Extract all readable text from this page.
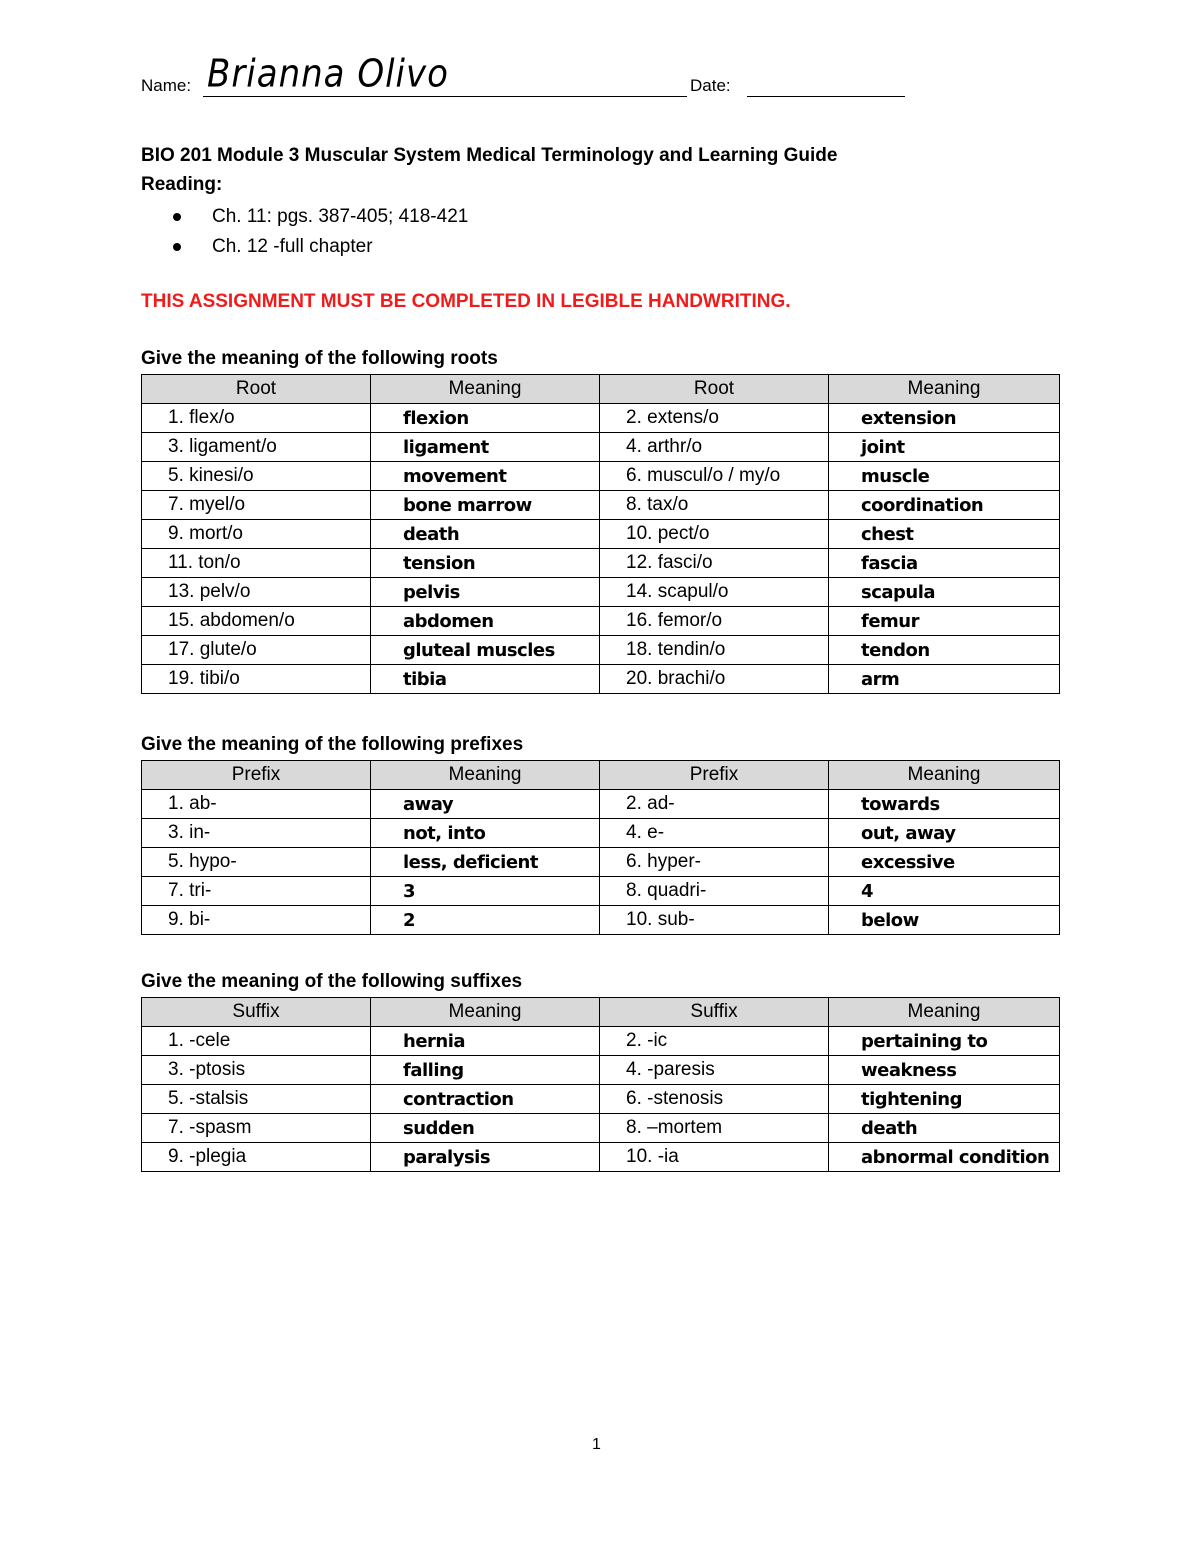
Name: Brianna Olivo	Date:
BIO 201 Module 3 Muscular System Medical Terminology and Learning Guide
Reading:
Ch. 11: pgs. 387-405; 418-421
Ch. 12 -full chapter
THIS ASSIGNMENT MUST BE COMPLETED IN LEGIBLE HANDWRITING.
Give the meaning of the following roots
Root	Meaning	Root	Meaning
1. flex/o	flexion	2. extens/o	extension
3. ligament/o	ligament	4. arthr/o	joint
5. kinesi/o	movement	6. muscul/o / my/o	muscle
7. myel/o	bone marrow	8. tax/o	coordination
9. mort/o	death	10. pect/o	chest
11. ton/o	tension	12. fasci/o	fascia
13. pelv/o	pelvis	14. scapul/o	scapula
15. abdomen/o	abdomen	16. femor/o	femur
17. glute/o	gluteal muscles	18. tendin/o	tendon
19. tibi/o	tibia	20. brachi/o	arm
Give the meaning of the following prefixes
Prefix	Meaning	Prefix	Meaning
1. ab-	away	2. ad-	towards
3. in-	not, into	4. e-	out, away
5. hypo-	less, deficient	6. hyper-	excessive
7. tri-	3	8. quadri-	4
9. bi-	2	10. sub-	below
Give the meaning of the following suffixes
Suffix	Meaning	Suffix	Meaning
1. -cele	hernia	2. -ic	pertaining to
3. -ptosis	falling	4. -paresis	weakness
5. -stalsis	contraction	6. -stenosis	tightening
7. -spasm	sudden	8. –mortem	death
9. -plegia	paralysis	10. -ia	abnormal condition
1
